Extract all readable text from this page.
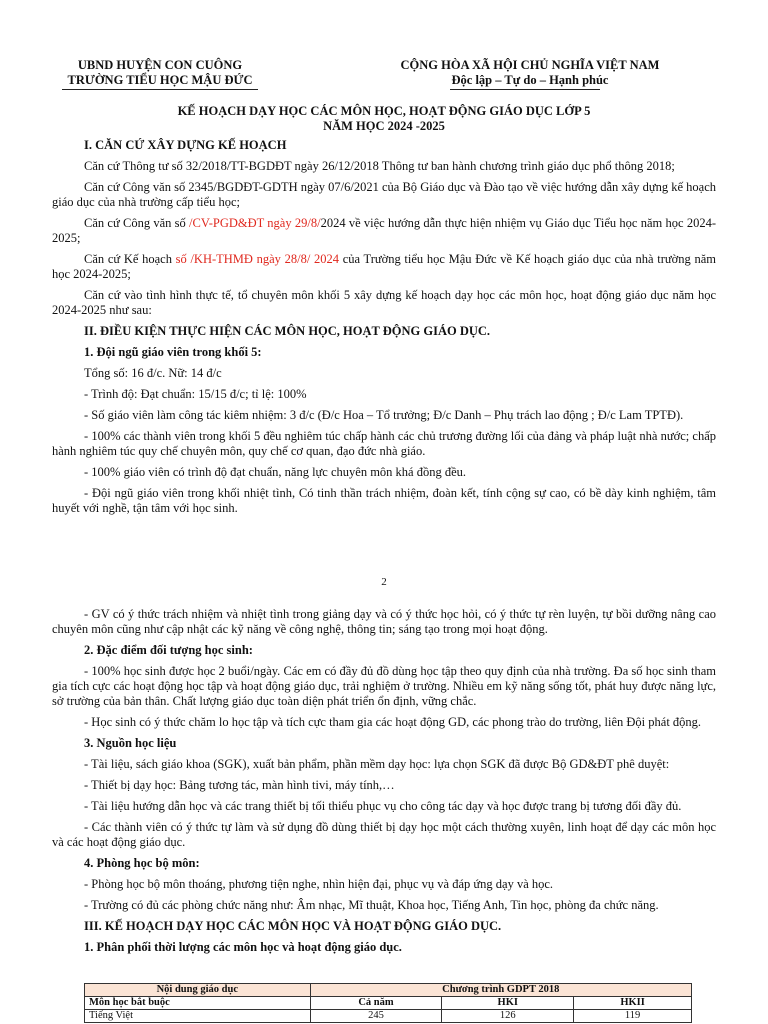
UBND HUYỆN CON CUÔNG
TRƯỜNG TIỂU HỌC MẬU ĐỨC
CỘNG HÒA XÃ HỘI CHỦ NGHĨA VIỆT NAM
Độc lập – Tự do – Hạnh phúc
KẾ HOẠCH DẠY HỌC CÁC MÔN HỌC, HOẠT ĐỘNG GIÁO DỤC LỚP 5
NĂM HỌC 2024 -2025
I. CĂN CỨ XÂY DỰNG KẾ HOẠCH

Căn cứ Thông tư số 32/2018/TT-BGDĐT ngày 26/12/2018 Thông tư ban hành chương trình giáo dục phổ thông 2018;

Căn cứ Công văn số 2345/BGDĐT-GDTH ngày 07/6/2021 của Bộ Giáo dục và Đào tạo về việc hướng dẫn xây dựng kế hoạch giáo dục của nhà trường cấp tiểu học;

Căn cứ Công văn số /CV-PGD&ĐT ngày 29/8/2024 về việc hướng dẫn thực hiện nhiệm vụ Giáo dục Tiểu học năm học 2024-2025;

Căn cứ Kế hoạch số /KH-THMĐ ngày 28/8/ 2024 của Trường tiểu học Mậu Đức về Kế hoạch giáo dục của nhà trường năm học 2024-2025;

Căn cứ vào tình hình thực tế, tổ chuyên môn khối 5 xây dựng kế hoạch dạy học các môn học, hoạt động giáo dục năm học 2024-2025 như sau:

II. ĐIỀU KIỆN THỰC HIỆN CÁC MÔN HỌC, HOẠT ĐỘNG GIÁO DỤC.
1. Đội ngũ giáo viên trong khối 5:

Tổng số: 16 đ/c. Nữ: 14 đ/c

- Trình độ: Đạt chuẩn: 15/15 đ/c; tỉ lệ: 100%

- Số giáo viên làm công tác kiêm nhiệm: 3 đ/c (Đ/c Hoa – Tổ trưởng; Đ/c Danh – Phụ trách lao động ; Đ/c Lam TPTĐ).

- 100% các thành viên trong khối 5 đều nghiêm túc chấp hành các chủ trương đường lối của đảng và pháp luật nhà nước; chấp hành nghiêm túc quy chế chuyên môn, quy chế cơ quan, đạo đức nhà giáo.

- 100% giáo viên có trình độ đạt chuẩn, năng lực chuyên môn khá đồng đều.

- Đội ngũ giáo viên trong khối nhiệt tình, Có tinh thần trách nhiệm, đoàn kết, tính cộng sự cao, có bề dày kinh nghiệm, tâm huyết với nghề, tận tâm với học sinh.

2

- GV có ý thức trách nhiệm và nhiệt tình trong giảng dạy và có ý thức học hỏi, có ý thức tự rèn luyện, tự bồi dưỡng nâng cao chuyên môn cũng như cập nhật các kỹ năng về công nghệ, thông tin; sáng tạo trong mọi hoạt động.

2. Đặc điểm đối tượng học sinh:

- 100% học sinh được học 2 buổi/ngày. Các em có đầy đủ đồ dùng học tập theo quy định của nhà trường. Đa số học sinh tham gia tích cực các hoạt động học tập và hoạt động giáo dục, trải nghiệm ở trường. Nhiều em kỹ năng sống tốt, phát huy được năng lực, sở trường của bản thân. Chất lượng giáo dục toàn diện phát triển ổn định, vững chắc.

- Học sinh có ý thức chăm lo học tập và tích cực tham gia các hoạt động GD, các phong trào do trường, liên Đội phát động.

3. Nguồn học liệu

- Tài liệu, sách giáo khoa (SGK), xuất bản phẩm, phần mềm dạy học: lựa chọn SGK đã được Bộ GD&ĐT phê duyệt:

- Thiết bị dạy học: Bảng tương tác, màn hình tivi, máy tính,…

- Tài liệu hướng dẫn học và các trang thiết bị tối thiểu phục vụ cho công tác dạy và học được trang bị tương đối đầy đủ.

- Các thành viên có ý thức tự làm và sử dụng đồ dùng thiết bị dạy học một cách thường xuyên, linh hoạt để dạy các môn học và các hoạt động giáo dục.

4. Phòng học bộ môn:

- Phòng học bộ môn thoáng, phương tiện nghe, nhìn hiện đại, phục vụ và đáp ứng dạy và học.

- Trường có đủ các phòng chức năng như: Âm nhạc, Mĩ thuật, Khoa học, Tiếng Anh, Tin học, phòng đa chức năng.

III. KẾ HOẠCH DẠY HỌC CÁC MÔN HỌC VÀ HOẠT ĐỘNG GIÁO DỤC.
1. Phân phối thời lượng các môn học và hoạt động giáo dục.
Nội dung giáo dục	Chương trình GDPT 2018		
Môn học bắt buộc	Cả năm	HKI	HKII
Tiếng Việt	245	126	119
